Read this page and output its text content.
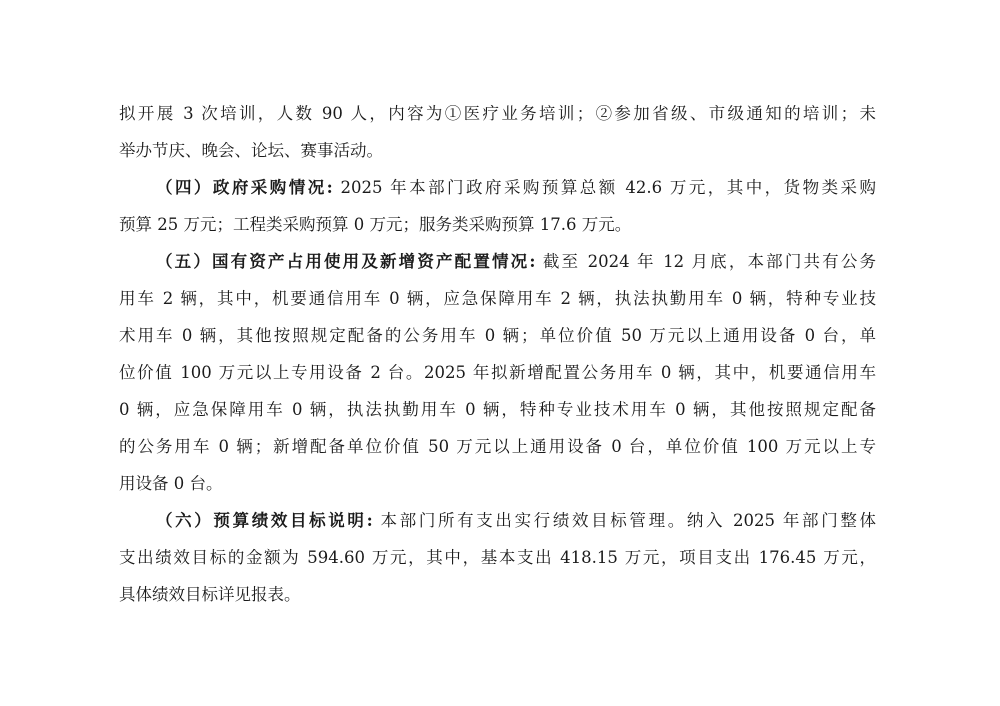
拟开展 3 次培训，人数 90 人，内容为①医疗业务培训；②参加省级、市级通知的培训；未
举办节庆、晚会、论坛、赛事活动。
（四）政府采购情况: 2025 年本部门政府采购预算总额 42.6 万元，其中，货物类采购
预算 25 万元；工程类采购预算 0 万元；服务类采购预算 17.6 万元。
（五）国有资产占用使用及新增资产配置情况: 截至 2024 年 12 月底，本部门共有公务
用车 2 辆，其中，机要通信用车 0 辆，应急保障用车 2 辆，执法执勤用车 0 辆，特种专业技
术用车 0 辆，其他按照规定配备的公务用车 0 辆；单位价值 50 万元以上通用设备 0 台，单
位价值 100 万元以上专用设备 2 台。2025 年拟新增配置公务用车 0 辆，其中，机要通信用车
0 辆，应急保障用车 0 辆，执法执勤用车 0 辆，特种专业技术用车 0 辆，其他按照规定配备
的公务用车 0 辆；新增配备单位价值 50 万元以上通用设备 0 台，单位价值 100 万元以上专
用设备 0 台。
（六）预算绩效目标说明: 本部门所有支出实行绩效目标管理。纳入 2025 年部门整体
支出绩效目标的金额为 594.60 万元，其中，基本支出 418.15 万元，项目支出 176.45 万元，
具体绩效目标详见报表。
